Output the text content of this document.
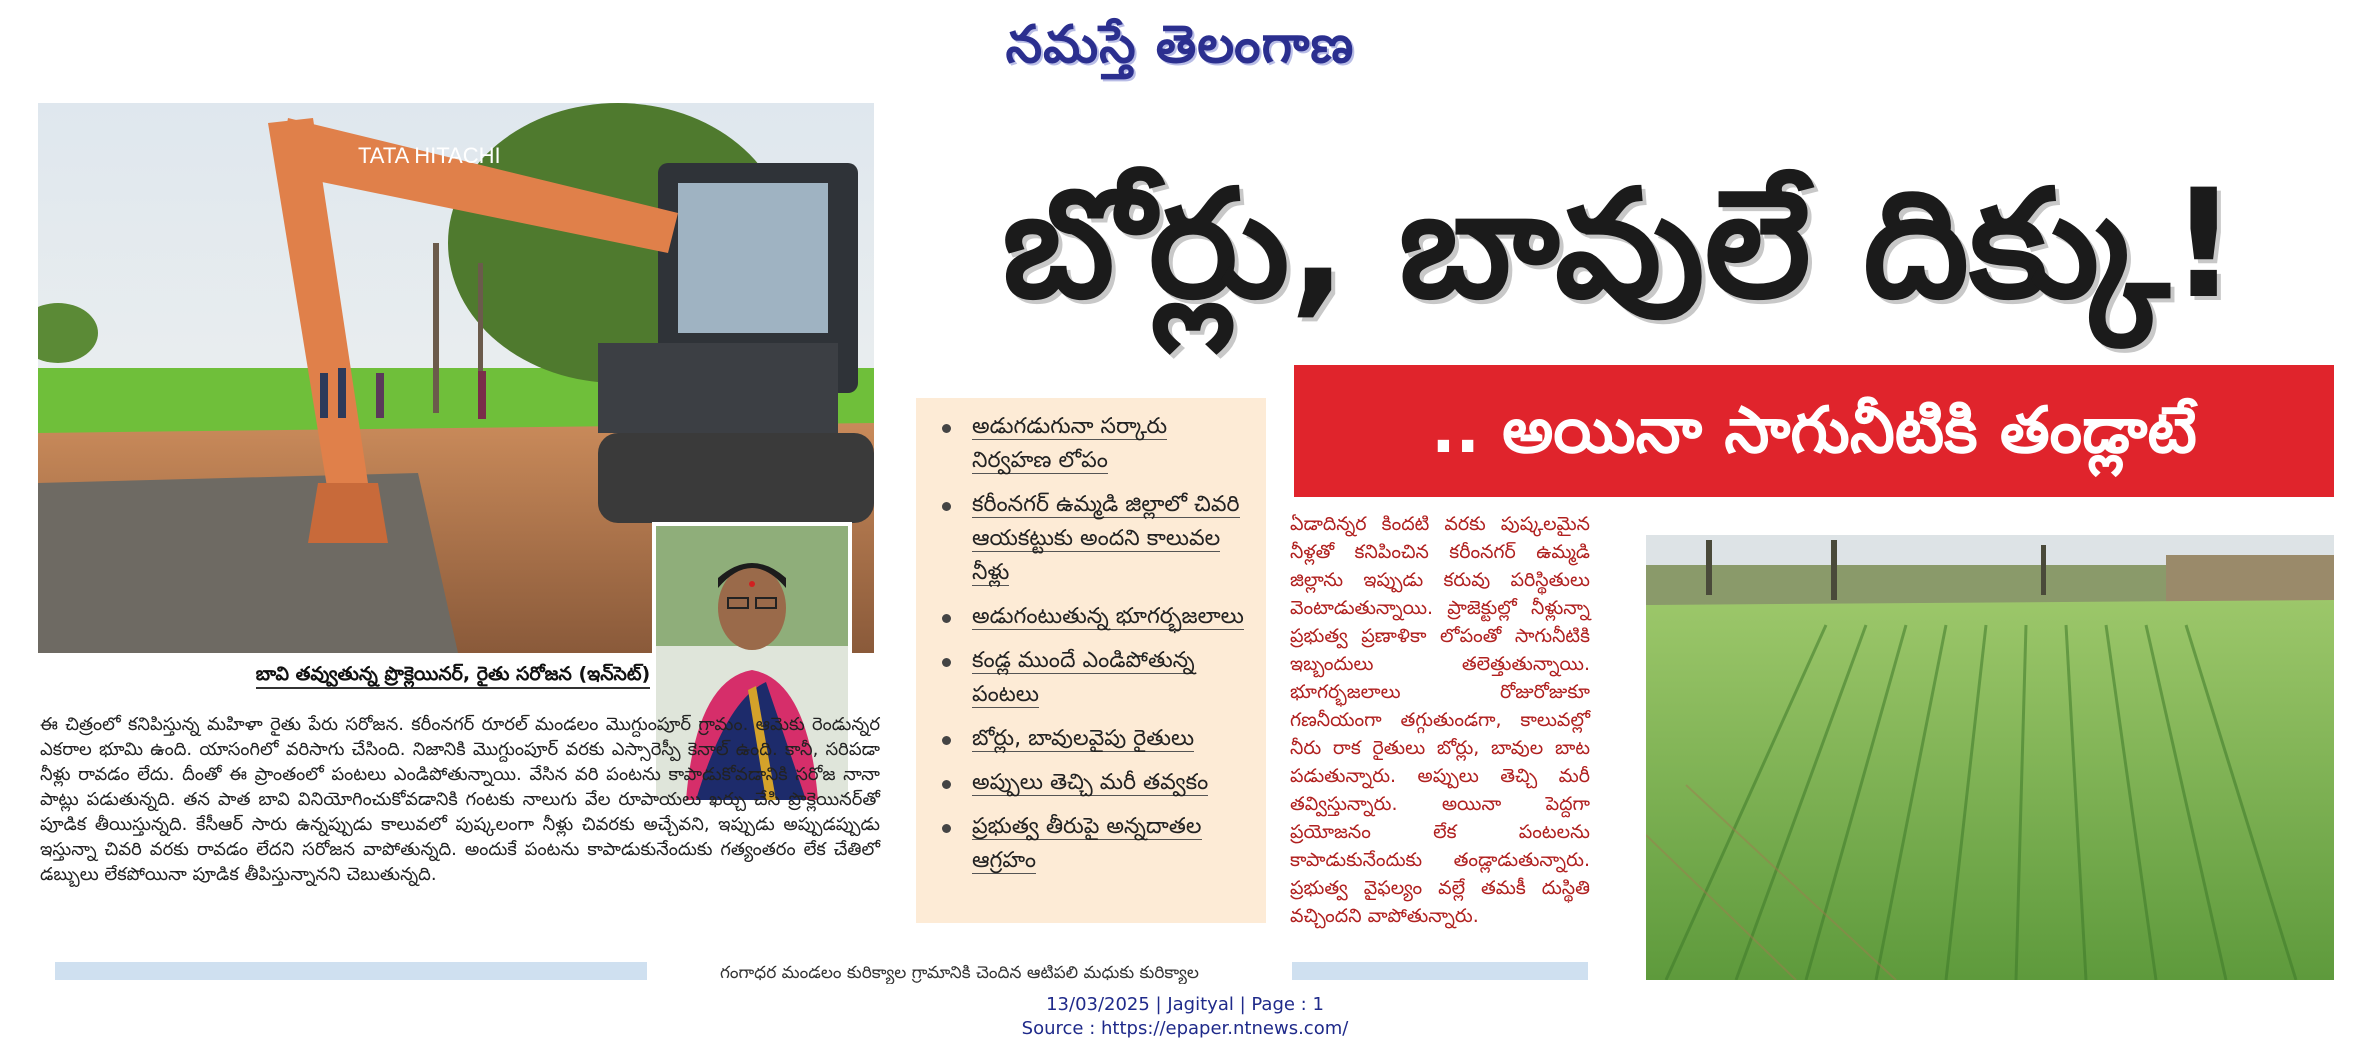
నమస్తే తెలంగాణ
TATA HITACHI
బావి తవ్వుతున్న ప్రొక్లెయినర్, రైతు సరోజన (ఇన్‌సెట్)
ఈ చిత్రంలో కనిపిస్తున్న మహిళా రైతు పేరు సరోజన. కరీంనగర్ రూరల్ మండలం మొగ్దుంపూర్ గ్రామం. ఆమెకు రెండున్నర ఎకరాల భూమి ఉంది. యాసంగిలో వరిసాగు చేసింది. నిజానికి మొగ్దుంపూర్ వరకు ఎస్సారెస్పీ కెనాల్ ఉంది. కానీ, సరిపడా నీళ్లు రావడం లేదు. దీంతో ఈ ప్రాంతంలో పంటలు ఎండిపోతున్నాయి. వేసిన వరి పంటను కాపాడుకోవడానికి సరోజ నానా పాట్లు పడుతున్నది. తన పాత బావి వినియోగించుకోవడానికి గంటకు నాలుగు వేల రూపాయలు ఖర్చు చేసి ప్రొక్లెయినర్‌తో పూడిక తీయిస్తున్నది. కేసీఆర్ సారు ఉన్నప్పుడు కాలువలో పుష్కలంగా నీళ్లు చివరకు అచ్చేవని, ఇప్పుడు అప్పుడప్పుడు ఇస్తున్నా చివరి వరకు రావడం లేదని సరోజన వాపోతున్నది. అందుకే పంటను కాపాడుకునేందుకు గత్యంతరం లేక చేతిలో డబ్బులు లేకపోయినా పూడిక తీపిస్తున్నానని చెబుతున్నది.
బోర్లు, బావులే దిక్కు!
.. అయినా సాగునీటికి తండ్లాటే
అడుగడుగునా సర్కారు నిర్వహణ లోపం
కరీంనగర్ ఉమ్మడి జిల్లాలో చివరి ఆయకట్టుకు అందని కాలువల నీళ్లు
అడుగంటుతున్న భూగర్భజలాలు
కండ్ల ముందే ఎండిపోతున్న పంటలు
బోర్లు, బావులవైపు రైతులు
అప్పులు తెచ్చి మరీ తవ్వకం
ప్రభుత్వ తీరుపై అన్నదాతల ఆగ్రహం
ఏడాదిన్నర కిందటి వరకు పుష్కలమైన నీళ్లతో కనిపించిన కరీంనగర్ ఉమ్మడి జిల్లాను ఇప్పుడు కరువు పరిస్థితులు వెంటాడుతున్నాయి. ప్రాజెక్టుల్లో నీళ్లున్నా ప్రభుత్వ ప్రణాళికా లోపంతో సాగునీటికి ఇబ్బందులు తలెత్తుతున్నాయి. భూగర్భజలాలు రోజురోజుకూ గణనీయంగా తగ్గుతుండగా, కాలువల్లో నీరు రాక రైతులు బోర్లు, బావుల బాట పడుతున్నారు. అప్పులు తెచ్చి మరీ తవ్విస్తున్నారు. అయినా పెద్దగా ప్రయోజనం లేక పంటలను కాపాడుకునేందుకు తండ్లాడుతున్నారు. ప్రభుత్వ వైఫల్యం వల్లే తమకీ దుస్థితి వచ్చిందని వాపోతున్నారు.
గంగాధర మండలం కురిక్యాల గ్రామానికి చెందిన ఆటిపలి మధుకు కురిక్యాల
13/03/2025 | Jagityal | Page : 1
Source : https://epaper.ntnews.com/
